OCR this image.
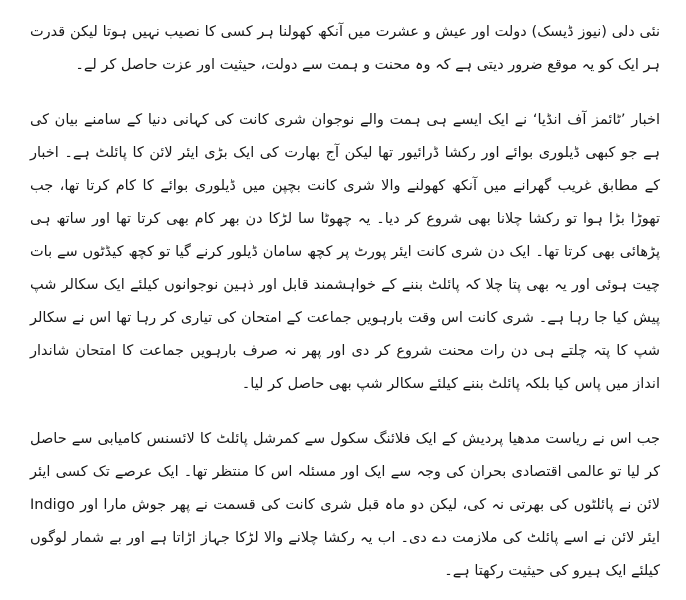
نئی دلی (نیوز ڈیسک) دولت اور عیش و عشرت میں آنکھ کھولنا ہر کسی کا نصیب نہیں ہوتا لیکن قدرت ہر ایک کو یہ موقع ضرور دیتی ہے کہ وہ محنت و ہمت سے دولت، حیثیت اور عزت حاصل کر لے۔

اخبار ’ٹائمز آف انڈیا‘ نے ایک ایسے ہی ہمت والے نوجوان شری کانت کی کہانی دنیا کے سامنے بیان کی ہے جو کبھی ڈیلوری بوائے اور رکشا ڈرائیور تھا لیکن آج بھارت کی ایک بڑی ایئر لائن کا پائلٹ ہے۔ اخبار کے مطابق غریب گھرانے میں آنکھ کھولنے والا شری کانت بچپن میں ڈیلوری بوائے کا کام کرتا تھا، جب تھوڑا بڑا ہوا تو رکشا چلانا بھی شروع کر دیا۔ یہ چھوٹا سا لڑکا دن بھر کام بھی کرتا تھا اور ساتھ ہی پڑھائی بھی کرتا تھا۔ ایک دن شری کانت ایئر پورٹ پر کچھ سامان ڈیلور کرنے گیا تو کچھ کیڈٹوں سے بات چیت ہوئی اور یہ بھی پتا چلا کہ پائلٹ بننے کے خواہشمند قابل اور ذہین نوجوانوں کیلئے ایک سکالر شپ پیش کیا جا رہا ہے۔ شری کانت اس وقت بارہویں جماعت کے امتحان کی تیاری کر رہا تھا اس نے سکالر شپ کا پتہ چلتے ہی دن رات محنت شروع کر دی اور پھر نہ صرف بارہویں جماعت کا امتحان شاندار انداز میں پاس کیا بلکہ پائلٹ بننے کیلئے سکالر شپ بھی حاصل کر لیا۔

جب اس نے ریاست مدھیا پردیش کے ایک فلائنگ سکول سے کمرشل پائلٹ کا لائسنس کامیابی سے حاصل کر لیا تو عالمی اقتصادی بحران کی وجہ سے ایک اور مسئلہ اس کا منتظر تھا۔ ایک عرصے تک کسی ایئر لائن نے پائلٹوں کی بھرتی نہ کی، لیکن دو ماہ قبل شری کانت کی قسمت نے پھر جوش مارا اور Indigo ایئر لائن نے اسے پائلٹ کی ملازمت دے دی۔ اب یہ رکشا چلانے والا لڑکا جہاز اڑاتا ہے اور بے شمار لوگوں کیلئے ایک ہیرو کی حیثیت رکھتا ہے۔
